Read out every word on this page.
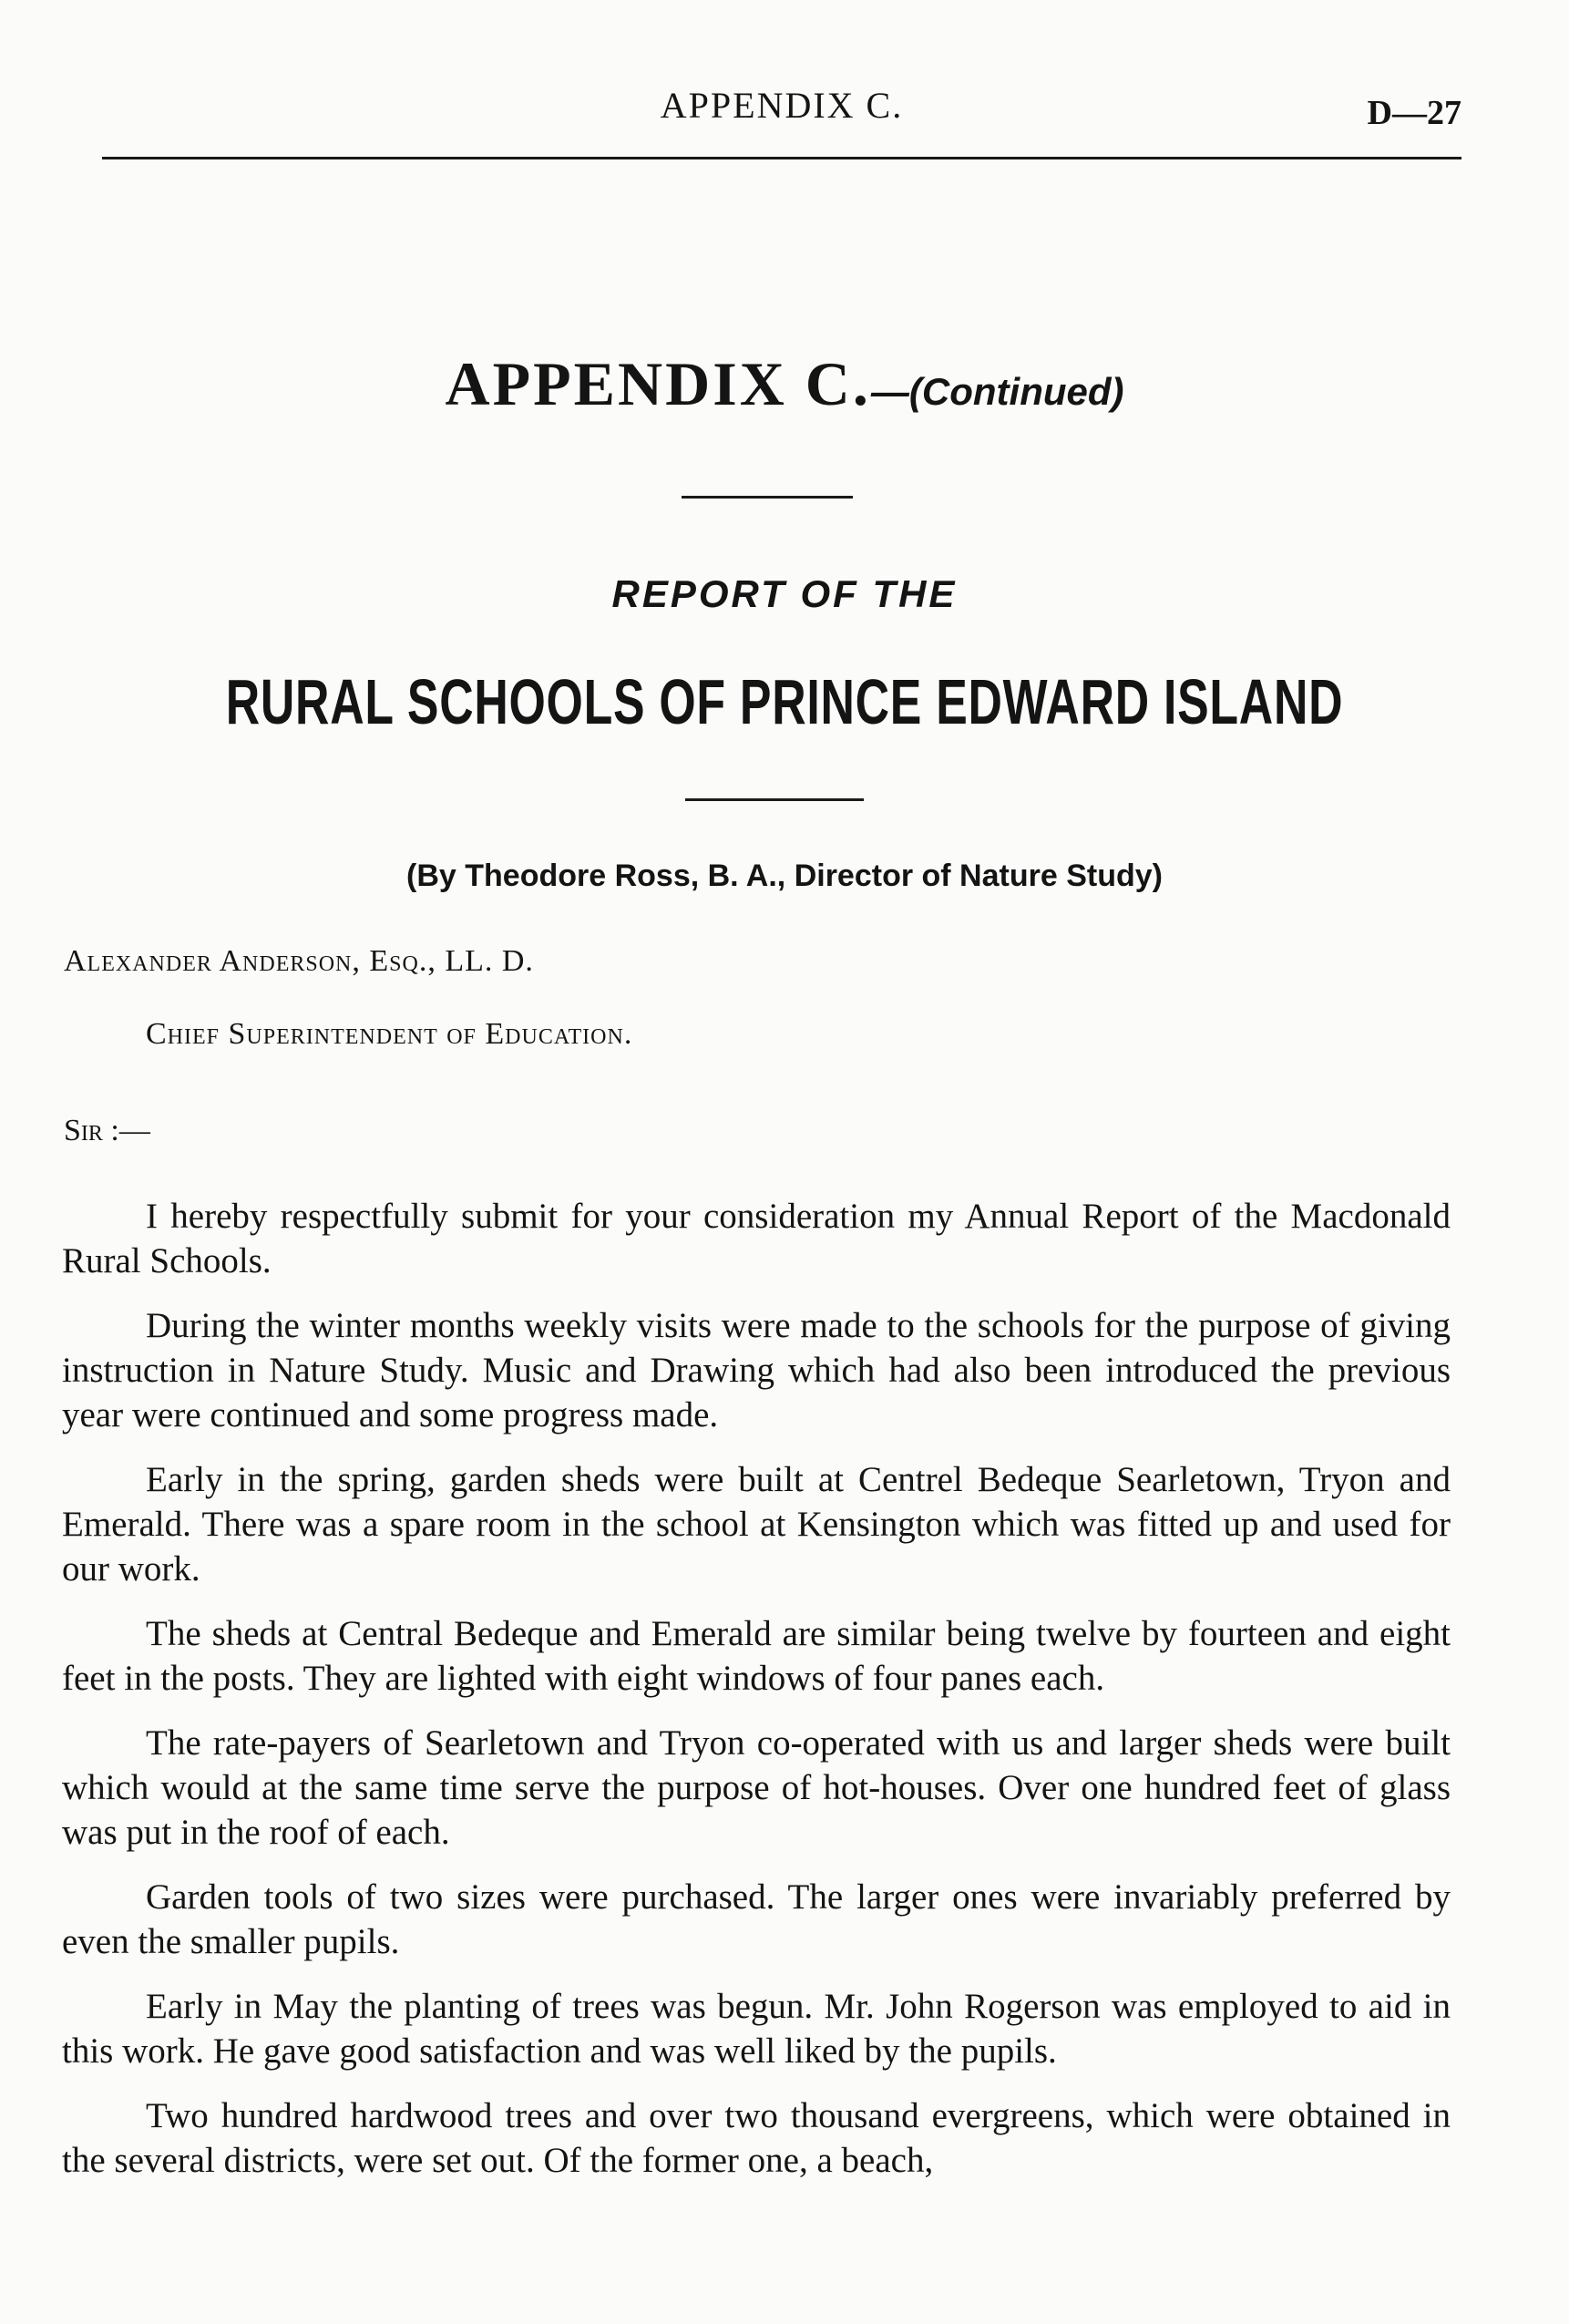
APPENDIX C.	D—27
APPENDIX C.—(Continued)
REPORT OF THE
RURAL SCHOOLS OF PRINCE EDWARD ISLAND
(By Theodore Ross, B. A., Director of Nature Study)
Alexander Anderson, Esq., LL. D.
Chief Superintendent of Education.
Sir :—

I hereby respectfully submit for your consideration my Annual Report of the Macdonald Rural Schools.

During the winter months weekly visits were made to the schools for the purpose of giving instruction in Nature Study. Music and Drawing which had also been introduced the previous year were continued and some progress made.

Early in the spring, garden sheds were built at Centrel Bedeque Searletown, Tryon and Emerald. There was a spare room in the school at Kensington which was fitted up and used for our work.

The sheds at Central Bedeque and Emerald are similar being twelve by fourteen and eight feet in the posts. They are lighted with eight windows of four panes each.

The rate-payers of Searletown and Tryon co-operated with us and larger sheds were built which would at the same time serve the purpose of hot-houses. Over one hundred feet of glass was put in the roof of each.

Garden tools of two sizes were purchased. The larger ones were invariably preferred by even the smaller pupils.

Early in May the planting of trees was begun. Mr. John Rogerson was employed to aid in this work. He gave good satisfaction and was well liked by the pupils.

Two hundred hardwood trees and over two thousand evergreens, which were obtained in the several districts, were set out. Of the former one, a beach,
